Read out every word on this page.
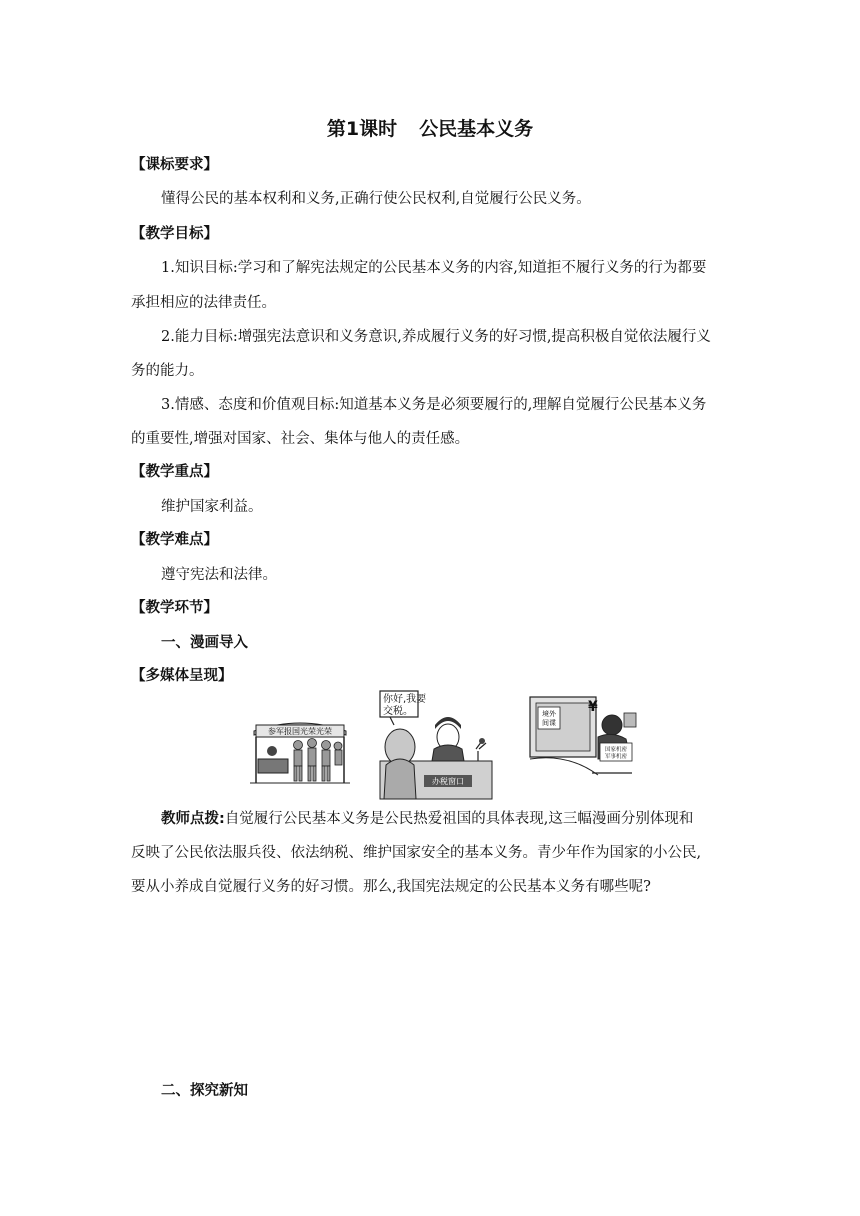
第1课时 公民基本义务
【课标要求】
懂得公民的基本权利和义务,正确行使公民权利,自觉履行公民义务。
【教学目标】
1.知识目标:学习和了解宪法规定的公民基本义务的内容,知道拒不履行义务的行为都要
承担相应的法律责任。
2.能力目标:增强宪法意识和义务意识,养成履行义务的好习惯,提高积极自觉依法履行义
务的能力。
3.情感、态度和价值观目标:知道基本义务是必须要履行的,理解自觉履行公民基本义务
的重要性,增强对国家、社会、集体与他人的责任感。
【教学重点】
维护国家利益。
【教学难点】
遵守宪法和法律。
【教学环节】
一、漫画导入
【多媒体呈现】
参军报国光荣光荣
你好,我要
交税。
办税窗口
境外
间谍
¥
国家机密
军事机密
教师点拨:自觉履行公民基本义务是公民热爱祖国的具体表现,这三幅漫画分别体现和
反映了公民依法服兵役、依法纳税、维护国家安全的基本义务。青少年作为国家的小公民,
要从小养成自觉履行义务的好习惯。那么,我国宪法规定的公民基本义务有哪些呢?
二、探究新知
